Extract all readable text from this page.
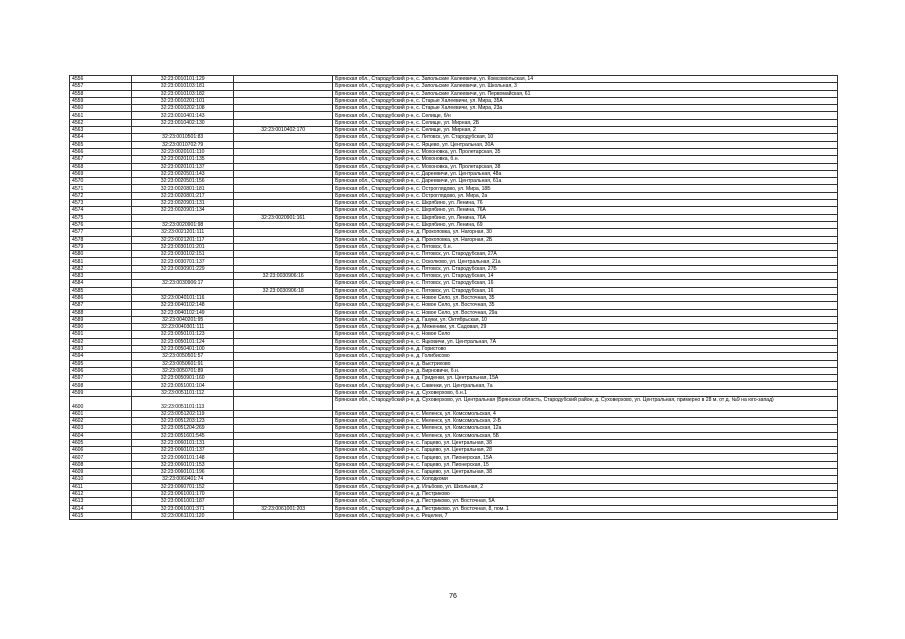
4556	32:23:0010101:129		Брянская обл., Стародубский р-н, с. Запольские Халеевичи, ул. Комсомольская, 14
4557	32:23:0010103:181		Брянская обл., Стародубский р-н, с. Запольские Халеевичи, ул. Школьная, 3
4558	32:23:0010103:182		Брянская обл., Стародубский р-н, с. Запольские Халеевичи, ул. Первомайская, 61
4559	32:23:0010201:101		Брянская обл., Стародубский р-н, с. Старые Халеевичи, ул. Мира, 35А
4560	32:23:0010202:108		Брянская обл., Стародубский р-н, с. Старые Халеевичи, ул. Мира, 23а
4561	32:23:0010401:143		Брянская обл., Стародубский р-н, с. Селище, б/н
4562	32:23:0010402:130		Брянская обл., Стародубский р-н, с. Селище, ул. Мирная, 2Б
4563		32:23:0010402:170	Брянская обл., Стародубский р-н, с. Селище, ул. Мирная, 2
4564	32:23:0010501:83		Брянская обл., Стародубский р-н, с. Литовск, ул. Стародубская, 10
4565	32:23:0010702:79		Брянская обл., Стародубский р-н, с. Ярцево, ул. Центральная, 30А
4566	32:23:0020101:110		Брянская обл., Стародубский р-н, с. Мохоновка, ул. Пролетарская, 35
4567	32:23:0020101:135		Брянская обл., Стародубский р-н, с. Мохоновка, б.н.
4568	32:23:0020101:137		Брянская обл., Стародубский р-н, с. Мохоновка, ул. Пролетарская, 38
4569	32:23:0020501:143		Брянская обл., Стародубский р-н, с. Дареевичи, ул. Центральная, 48а
4570	32:23:0020501:156		Брянская обл., Стародубский р-н, с. Дареевичи, ул. Центральная, 61а
4571	32:23:0020801:181		Брянская обл., Стародубский р-н, с. Остроглядово, ул. Мира, 18Б
4572	32:23:0020801:217		Брянская обл., Стародубский р-н, с. Остроглядово, ул. Мира, 2а
4573	32:23:0020901:131		Брянская обл., Стародубский р-н, с. Шкрябино, ул. Ленина, 76
4574	32:23:0020901:134		Брянская обл., Стародубский р-н, с. Шкрябино, ул. Ленина, 76А
4575		32:23:0020901:161	Брянская обл., Стародубский р-н, с. Шкрябино, ул. Ленина, 76А
4576	32:23:0020901:98		Брянская обл., Стародубский р-н, с. Шкрябино, ул. Ленина, 69
4577	32:23:0021201:111		Брянская обл., Стародубский р-н, д. Прокоповка, ул. Нагорная, 30
4578	32:23:0021201:117		Брянская обл., Стародубский р-н, д. Прокоповка, ул. Нагорная, 2Б
4579	32:23:0030101:201		Брянская обл., Стародубский р-н, с. Пятовск, б.н.
4580	32:23:0030102:151		Брянская обл., Стародубский р-н, с. Пятовск, ул. Стародубская, 27А
4581	32:23:0030701:137		Брянская обл., Стародубский р-н, с. Осколково, ул. Центральная, 21а
4582	32:23:0030901:229		Брянская обл., Стародубский р-н, с. Пятовск, ул. Стародубская, 27Б
4583		32:23:0030906:16	Брянская обл., Стародубский р-н, с. Пятовск, ул. Стародубская, 14
4584	32:23:0030906:17		Брянская обл., Стародубский р-н, с. Пятовск, ул. Стародубская, 16
4585		32:23:0030906:18	Брянская обл., Стародубский р-н, с. Пятовск, ул. Стародубская, 16
4586	32:23:0040101:116		Брянская обл., Стародубский р-н, с. Новое Село, ул. Восточная, 35
4587	32:23:0040102:148		Брянская обл., Стародубский р-н, с. Новое Село, ул. Восточная, 35
4588	32:23:0040102:149		Брянская обл., Стародубский р-н, с. Новое Село, ул. Восточная, 29а
4589	32:23:0040201:95		Брянская обл., Стародубский р-н, д. Газуки, ул. Октябрьская, 10
4590	32:23:0040301:111		Брянская обл., Стародубский р-н, д. Меженики, ул. Садовая, 29
4591	32:23:0050101:123		Брянская обл., Стародубский р-н, с. Новое Село
4592	32:23:0050101:124		Брянская обл., Стародубский р-н, с. Яцковичи, ул. Центральная, 7А
4593	32:23:0050401:100		Брянская обл., Стародубский р-н, д. Гористово
4594	32:23:0050501:57		Брянская обл., Стародубский р-н, д. Голибисово
4595	32:23:0050601:91		Брянская обл., Стародубский р-н, д. Выстрихово
4596	32:23:0050701:89		Брянская обл., Стародубский р-н, д. Бирновичи, б.н.
4597	32:23:0050901:160		Брянская обл., Стародубский р-н, д. Гриденки, ул. Центральная, 15А
4598	32:23:0051001:104		Брянская обл., Стародубский р-н, с. Савенки, ул. Центральная, 7а
4599	32:23:0051101:112		Брянская обл., Стародубский р-н, д. Суховерхово, б.н.1
4600	32:23:0051101:113		Брянская обл., Стародубский р-н, д. Суховерхово, ул. Центральная (Брянская область, Стародубский район, д. Суховерхово, ул. Центральная, примерно в 28 м. от д. №9 на юго-запад)
4601	32:23:0051202:119		Брянская обл., Стародубский р-н, с. Меленск, ул. Комсомольская, 4
4602	32:23:0051203:123		Брянская обл., Стародубский р-н, с. Меленск, ул. Комсомольская, 2-Б
4603	32:23:0051204:269		Брянская обл., Стародубский р-н, с. Меленск, ул. Комсомольская, 12а
4604	32:23:0051601:545		Брянская обл., Стародубский р-н, с. Меленск, ул. Комсомольская, 5Б
4605	32:23:0060101:131		Брянская обл., Стародубский р-н, с. Гарцево, ул. Центральная, 38
4606	32:23:0060101:137		Брянская обл., Стародубский р-н, с. Гарцево, ул. Центральная, 28
4607	32:23:0060101:148		Брянская обл., Стародубский р-н, с. Гарцево, ул. Пионерская, 15А
4608	32:23:0060101:153		Брянская обл., Стародубский р-н, с. Гарцево, ул. Пионерская, 15
4609	32:23:0060101:196		Брянская обл., Стародубский р-н, с. Гарцево, ул. Центральная, 38
4610	32:23:0060401:74		Брянская обл., Стародубский р-н, с. Холодкоми
4611	32:23:0060701:152		Брянская обл., Стародубский р-н, д. Ильбово, ул. Школьная, 2
4612	32:23:0061001:170		Брянская обл., Стародубский р-н, д. Пестриково
4613	32:23:0061001:187		Брянская обл., Стародубский р-н, д. Пестриково, ул. Восточная, 5А
4614	32:23:0061001:371	32:23:0061001:203	Брянская обл., Стародубский р-н, д. Пестриково, ул. Восточная, 8, пом. 1
4615	32:23:0061101:120		Брянская обл., Стародубский р-н, с. Рецелеи, 7
76
